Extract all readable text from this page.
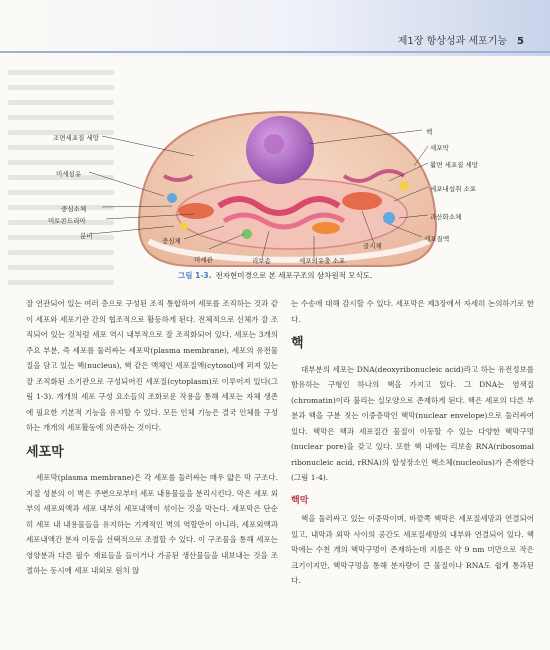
제1장 항상성과 세포기능 5
조면세포질 세망
미세섬유
중심소체
미토콘드리아
분비
중심체
미세관	리보솜	세포외유출 소포
골지체
핵
세포막
활면 세포질 세망
세포내섭취 소포
과산화소체
세포질액
그림 1-3. 전자현미경으로 본 세포구조의 삼차원적 모식도.

잘 연관되어 있는 여러 층으로 구성된 조직 통합하여 세포를 조직하는 것과 같이 세포와 세포기관 간의 협조적으로 활동하게 된다. 전체적으로 신체가 잘 조직되어 있는 것처럼 세포 역시 내부적으로 잘 조직화되어 있다. 세포는 3개의 주요 부분, 즉 세포를 둘러싸는 세포막(plasma membrane), 세포의 유전물질을 담고 있는 핵(nucleus), 핵 같은 액체인 세포질액(cytosol)에 퍼져 있는 잘 조직화된 소기관으로 구성되어진 세포질(cytoplasm)로 이루어져 있다(그림 1-3). 개개의 세포 구성 요소들의 조화로운 작용을 통해 세포는 자체 생존에 필요한 기본적 기능을 유지할 수 있다. 모든 인체 기능은 결국 인체를 구성하는 개개의 세포활동에 의존하는 것이다.

세포막

세포막(plasma membrane)은 각 세포를 둘러싸는 매우 얇은 막 구조다. 지질 성분의 이 벽은 주변으로부터 세포 내용물들을 분리시킨다. 막은 세포 외부의 세포외액과 세포 내부의 세포내액이 섞이는 것을 막는다. 세포막은 단순히 세포 내 내용물들을 유지하는 기계적인 벽의 역할만이 아니라, 세포외액과 세포내액간 분자 이동을 선택적으로 조절할 수 있다. 이 구조물을 통해 세포는 영양분과 다른 필수 재료들을 들이거나 가공된 생산물들을 내보내는 것을 조절하는 동시에 세포 내외로 원치 않

는 수송에 대해 감시할 수 있다. 세포막은 제3장에서 자세히 논의하기로 한다.

핵

대부분의 세포는 DNA(deoxyribonucleic acid)라고 하는 유전정보를 함유하는 구형인 하나의 핵을 가지고 있다. 그 DNA는 염색질(chromatin)이라 불리는 실모양으로 존재하게 된다. 핵은 세포의 다른 부분과 핵을 구분 짓는 이중층막인 핵막(nuclear envelope)으로 둘러싸여 있다. 핵막은 핵과 세포질간 물질이 이동할 수 있는 다양한 핵막구멍(nuclear pore)을 갖고 있다. 또한 핵 내에는 리보솜 RNA(ribosomal ribonucleic acid, rRNA)의 합성장소인 핵소체(nucleolus)가 존재한다(그림 1-4).

핵막

핵을 둘러싸고 있는 이중막이며, 바깥쪽 핵막은 세포질세망과 연결되어 있고, 내막과 외막 사이의 공간도 세포질세망의 내부와 연결되어 있다. 핵막에는 수천 개의 핵막구멍이 존재하는데 지름은 약 9 nm 미만으로 작은 크기이지만, 핵막구멍을 통해 분자량이 큰 물질이나 RNA도 쉽게 통과된다.
